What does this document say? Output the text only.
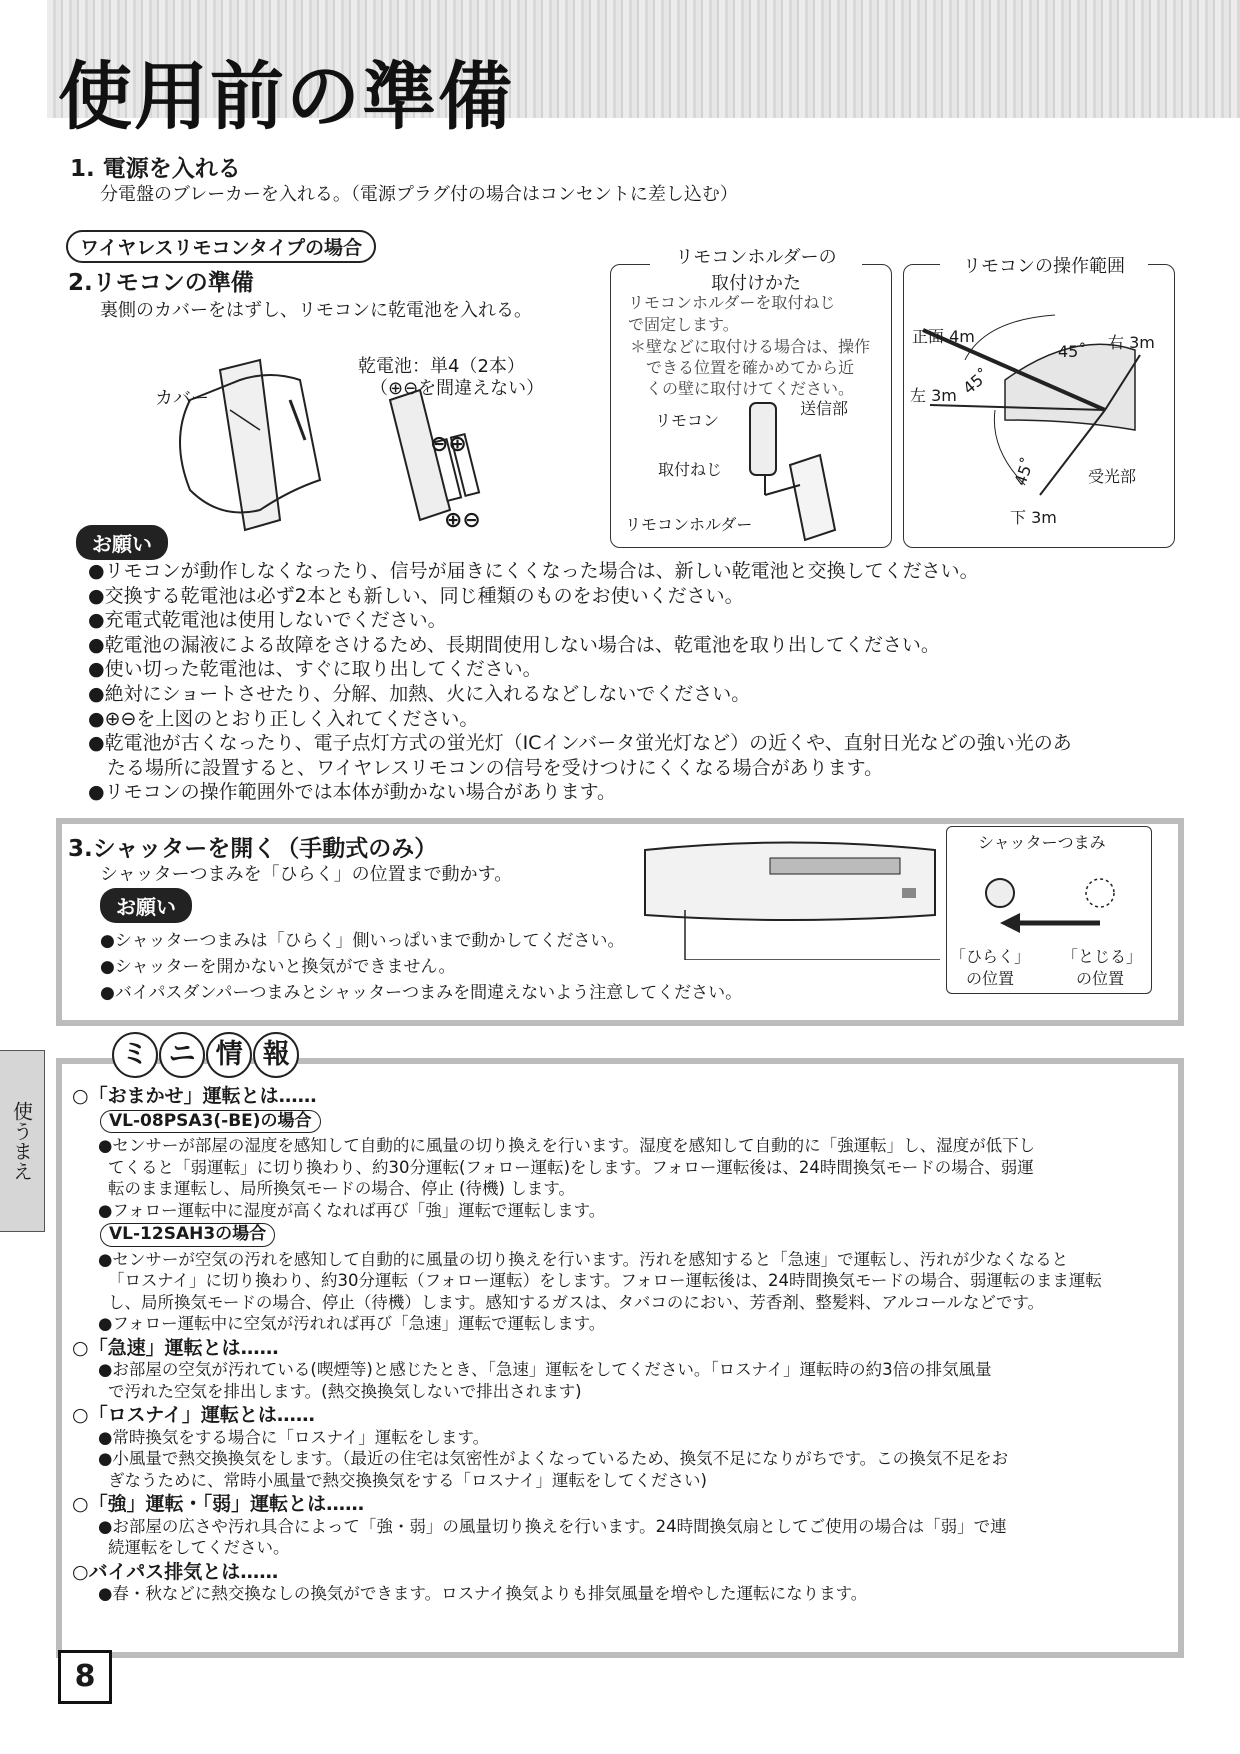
使用前の準備
1. 電源を入れる
分電盤のブレーカーを入れる。（電源プラグ付の場合はコンセントに差し込む）
ワイヤレスリモコンタイプの場合
2.リモコンの準備
裏側のカバーをはずし、リモコンに乾電池を入れる。
カバー
乾電池：単4（2本）
（⊕⊖を間違えない）
⊖⊕
⊕⊖
リモコンホルダーの
取付けかた
リモコンホルダーを取付ねじ
で固定します。
＊壁などに取付ける場合は、操作
できる位置を確かめてから近
くの壁に取付けてください。
リモコン
送信部
取付ねじ
リモコンホルダー
リモコンの操作範囲
正面 4m	右 3m
左 3m
下 3m
受光部
45˚
45˚
45˚
お願い
●リモコンが動作しなくなったり、信号が届きにくくなった場合は、新しい乾電池と交換してください。
●交換する乾電池は必ず2本とも新しい、同じ種類のものをお使いください。
●充電式乾電池は使用しないでください。
●乾電池の漏液による故障をさけるため、長期間使用しない場合は、乾電池を取り出してください。
●使い切った乾電池は、すぐに取り出してください。
●絶対にショートさせたり、分解、加熱、火に入れるなどしないでください。
●⊕⊖を上図のとおり正しく入れてください。
●乾電池が古くなったり、電子点灯方式の蛍光灯（ICインバータ蛍光灯など）の近くや、直射日光などの強い光のあ
　たる場所に設置すると、ワイヤレスリモコンの信号を受けつけにくくなる場合があります。
●リモコンの操作範囲外では本体が動かない場合があります。
3.シャッターを開く（手動式のみ）
シャッターつまみを「ひらく」の位置まで動かす。
お願い
●シャッターつまみは「ひらく」側いっぱいまで動かしてください。
●シャッターを開かないと換気ができません。
●バイパスダンパーつまみとシャッターつまみを間違えないよう注意してください。
シャッターつまみ
「ひらく」
の位置
「とじる」
の位置
ミ ニ 情 報
○「おまかせ」運転とは……
VL-08PSA3(-BE)の場合
●センサーが部屋の湿度を感知して自動的に風量の切り換えを行います。湿度を感知して自動的に「強運転」し、湿度が低下し
てくると「弱運転」に切り換わり、約30分運転(フォロー運転)をします。フォロー運転後は、24時間換気モードの場合、弱運
転のまま運転し、局所換気モードの場合、停止 (待機) します。
●フォロー運転中に湿度が高くなれば再び「強」運転で運転します。
VL-12SAH3の場合
●センサーが空気の汚れを感知して自動的に風量の切り換えを行います。汚れを感知すると「急速」で運転し、汚れが少なくなると
「ロスナイ」に切り換わり、約30分運転（フォロー運転）をします。フォロー運転後は、24時間換気モードの場合、弱運転のまま運転
し、局所換気モードの場合、停止（待機）します。感知するガスは、タバコのにおい、芳香剤、整髪料、アルコールなどです。
●フォロー運転中に空気が汚れれば再び「急速」運転で運転します。
○「急速」運転とは……
●お部屋の空気が汚れている(喫煙等)と感じたとき、「急速」運転をしてください。「ロスナイ」運転時の約3倍の排気風量
で汚れた空気を排出します。(熱交換換気しないで排出されます)
○「ロスナイ」運転とは……
●常時換気をする場合に「ロスナイ」運転をします。
●小風量で熱交換換気をします。（最近の住宅は気密性がよくなっているため、換気不足になりがちです。この換気不足をお
ぎなうために、常時小風量で熱交換換気をする「ロスナイ」運転をしてください)
○「強」運転・「弱」運転とは……
●お部屋の広さや汚れ具合によって「強・弱」の風量切り換えを行います。24時間換気扇としてご使用の場合は「弱」で連
続運転をしてください。
○バイパス排気とは……
●春・秋などに熱交換なしの換気ができます。ロスナイ換気よりも排気風量を増やした運転になります。
使うまえ
8
